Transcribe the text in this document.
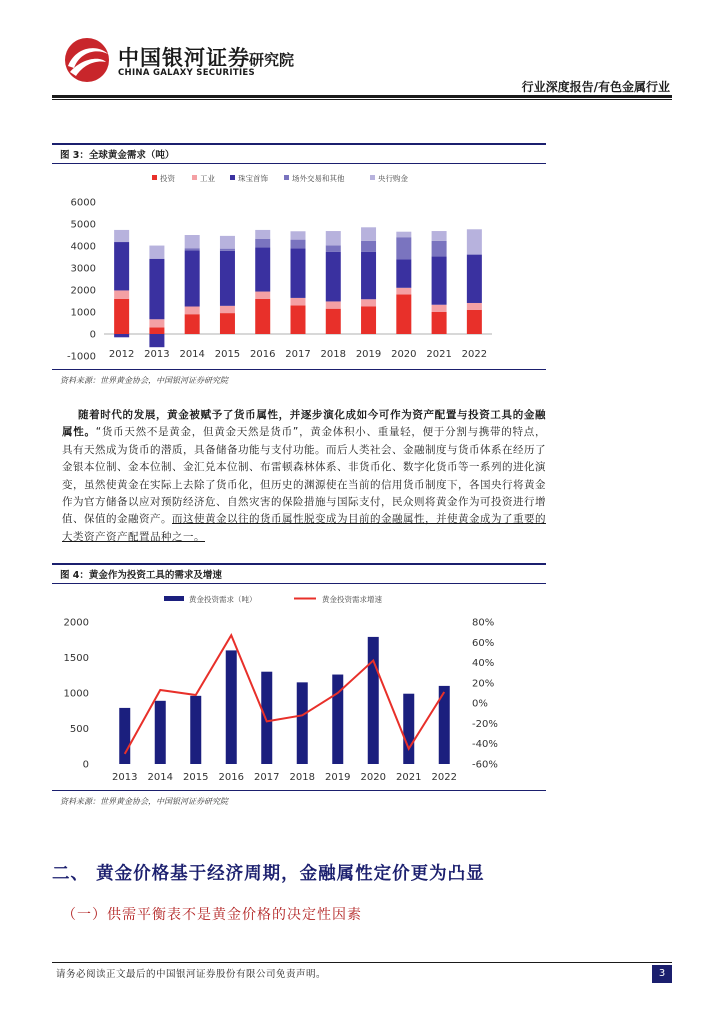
中国银河证券
CHINA GALAXY SECURITIES
研究院
行业深度报告/有色金属行业
图 3：全球黄金需求（吨）
投资	工业	珠宝首饰	场外交易和其他	央行购金
-1000
0
1000
2000
3000
4000
5000
6000
2012 2013 2014 2015 2016 2017 2018 2019 2020 2021 2022
资料来源：世界黄金协会，中国银河证券研究院
随着时代的发展，黄金被赋予了货币属性，并逐步演化成如今可作为资产配置与投资工具的金融属性。“货币天然不是黄金，但黄金天然是货币”，黄金体积小、重量轻，便于分割与携带的特点，具有天然成为货币的潜质，具备储备功能与支付功能。而后人类社会、金融制度与货币体系在经历了金银本位制、金本位制、金汇兑本位制、布雷顿森林体系、非货币化、数字化货币等一系列的进化演变，虽然使黄金在实际上去除了货币化，但历史的渊源使在当前的信用货币制度下，各国央行将黄金作为官方储备以应对预防经济危、自然灾害的保险措施与国际支付，民众则将黄金作为可投资进行增值、保值的金融资产。而这使黄金以往的货币属性脱变成为目前的金融属性，并使黄金成为了重要的大类资产资产配置品种之一。
图 4：黄金作为投资工具的需求及增速
黄金投资需求（吨）	黄金投资需求增速
0
500
1000
1500
2000
-60%
-40%
-20%
0%
20%
40%
60%
80%
2013 2014 2015 2016 2017 2018 2019 2020 2021 2022
资料来源：世界黄金协会，中国银河证券研究院
二、 黄金价格基于经济周期，金融属性定价更为凸显
（一）供需平衡表不是黄金价格的决定性因素
请务必阅读正文最后的中国银河证券股份有限公司免责声明。	3
